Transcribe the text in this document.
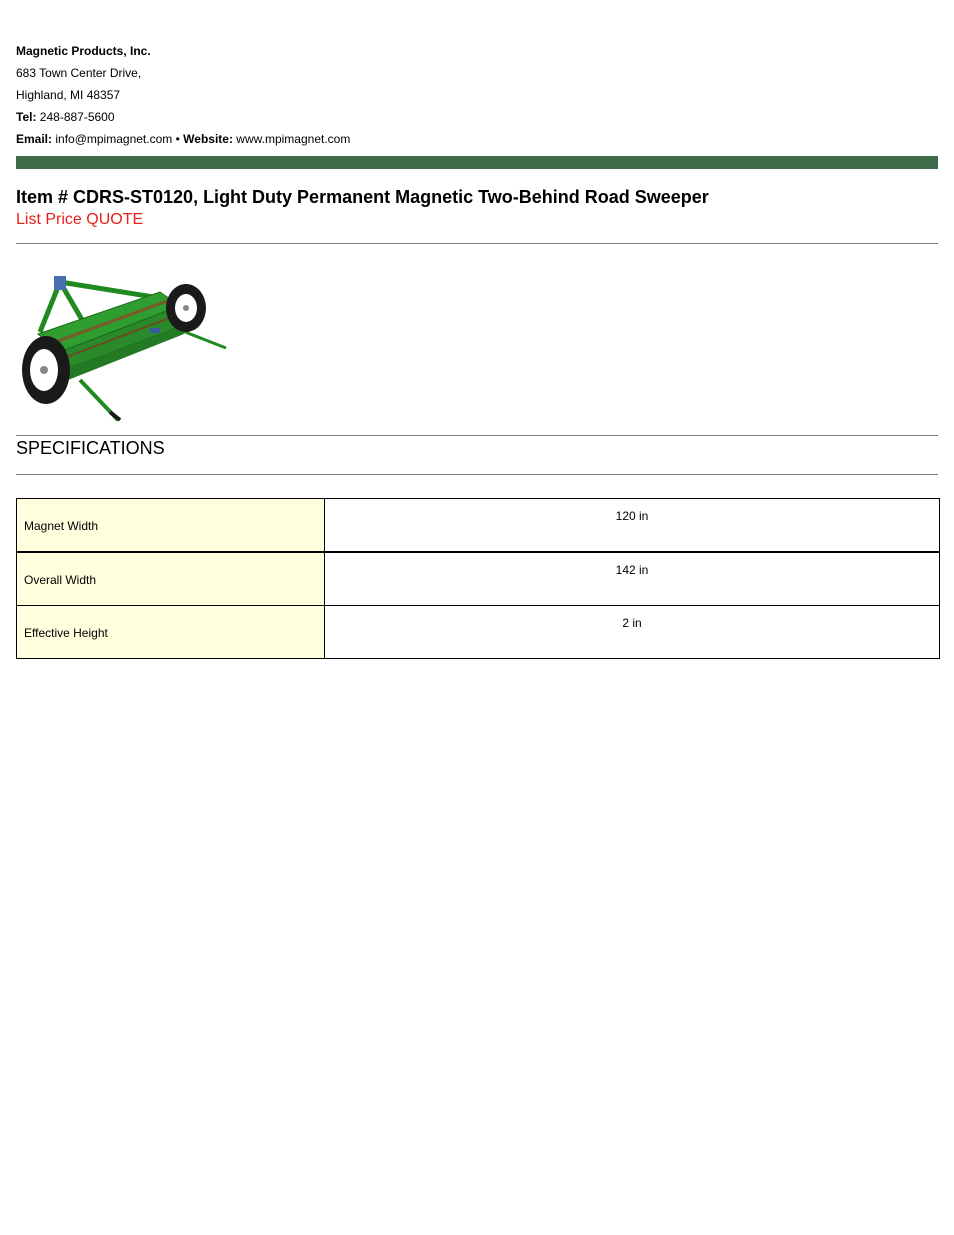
Magnetic Products, Inc.
683 Town Center Drive,
Highland, MI 48357
Tel: 248-887-5600
Email: info@mpimagnet.com • Website: www.mpimagnet.com
Item # CDRS-ST0120, Light Duty Permanent Magnetic Two-Behind Road Sweeper
List Price QUOTE
SPECIFICATIONS
Magnet Width	120 in
Overall Width	142 in
Effective Height	2 in
